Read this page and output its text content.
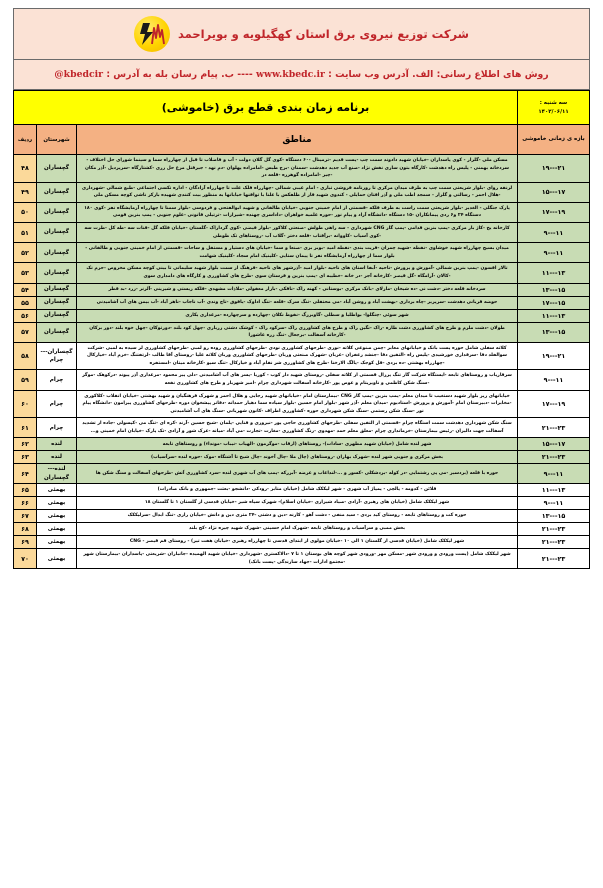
شرکت توزیع نیروی برق استان کهگیلویه و بویراحمد
روش های اطلاع رسانی: الف. آدرس وب سایت : www.kbedc.ir ---- ب. پیام رسان بله به آدرس : @kbedcir
سه شنبه :
۱۴۰۲/۰۶/۱۱	برنامه زمان بندی قطع برق (خاموشی)		
بازه ی زمانی خاموشی	مناطق	شهرستان	ردیف
۲۱---۱۹	مسکن ملی -گلزار - کوی پاسداران -خیابان شهید دادوند سمت چپ -پست قدیم -ترمینال -۶۰ دستگاه -کوی گل گلان دولت - آب و فاضلاب تا قبل از چهارراه سما و سینما شورای حل اختلاف - سردخانه بهمنی - پلیس راه دهدشت -کارگاه بتون سازی نقش نژاد -صنع آب جدید دهدشت -سمنان -برج طبس -امامزاده پهلوان -دم نهد - جیرفتل مرغ حل زری -کشتارگاه -سرپردیل -آذر مکان -چیر -امامزاده گوهرزه -قلعه دز	گچساران	۴۸
۱۷---۱۵	لرنقه روای -بلوار شریعتی سمت چپ به طرف میدان مرکزی تا روزنامه فروشی تباری - امام غیبی شمالی -چهارراه فلک علت تا چهارراه آزادگان - اداره تکسی اجتماعی -طبع شمالی -شهرداری -هلال احمر - رسالتی و گلزار - سمجد اطب ملی و آذر افتان حمایلی - کندوی شهید فاز از ظلفکس با علنا با توافنها خیابانها به منظور بیت کنندی شهیده بازکر ناشی کوچه مسکن ملی	گچساران	۴۹
۱۹---۱۷	پارک جنگلی - الغدیر -بلوار شریعتی سمت راست به طرف فلکه -قسمتی از امام خمینی جنوبی -خیابان طالقانی و شهید ابوالفتحی و فردوسی -بلوار سمنا تا چهارراه آزمایشگاه نفر -کوی ۱۸۰ دستگاه ۲۴ و۶ ردی پیمانکاران -۱۵ دستگاه -دانشگاه آزاد و پیام نور -حوزه علمیه خواهران -داداسری چهنده -شیرازات -ترتیلی قانونی -علوم جنوبی - پمپ بنزین قومی	گچساران	۵۰
۱۱---۹	کارخانه یخ -کاژ بار مرکزی -پمپ بنزین قدامی -پمپ گاز CNG شهرداری - سه راهی طولش -صنعتی کلاکور -بلوار فیضی -کوی گزداراک -گلستان -خیابان فلکه گل -قنات سه -طه کل -طرت سه -کوی آسیاب -کاووانه -برآفتاب -قلعه دختر -گلاب آب -روستاهای تک طوطی	گچساران	۵۱
۱۱---۹	میدان بسیج چهارراه شهید خوشاوی -نقطه -شهید چمران -فریت بندی -نقطه امید -بوبر بری -صنعا و سما -خیابان های دستیار و مستقل و ساحات -قسمتی از امام خمینی جنوبی و طالقانی - بلوار سما از چهارراه آزمایشگاه نفر تا پیمان ستایی -کلینیک امام سجاد -کلینیک شهامت	گچساران	۵۲
۱۳---۱۱	تالار افسون -پمپ بنزین شمالی -آموزش و پرورش -ناحیه -آبفا استان های ناحیه -بلوار امید -آذرشهر های ناحیه -فرهنگ از سمت بلوار شهید سلیمانی تا بینی کوچه مسکن مخروص -حرم تک -کالان -آرامگاه -گل قیصر -کارخانه آجر -در خانه -خطیبه ای -پمپ بنزین و فرستان سوی -طرح های کشاورزی و کارگاه های دامداری سوی	گچساران	۵۳
۱۵---۱۳	سردخانه قلعه دختر -دشت نی -ده شیخان -مازلای -بانک مرکزی -بوستانی - کهنه راک -نافکی -بازار معقولی -ملاذات مشهدی -فلکه زیستی و شیرینی -آلرنز -زرد -بد قطر	گچساران	۵۴
۱۵---۱۷	حوضه قربانی دهدشت -سرپریز -چاه برداری -بهشت آباد و روشن آباد -می محتقلی -تنگ سرک -قلعه -تنگ اداوک -یافوق -تاج وندی -آب ناجاب -ناهر آباد -آب بیمن های آب آشامیدنی	گچساران	۵۵
۱۳---۱۱	شهر سوئی -چنگلوا- بواطلبا و سطلی -گاوبرزگ -نقوط نکلان -چهارده و سرچهارده -مرغداری یکاری	گچساران	۵۶
۱۵---۱۳	طولان -دشت ملزم و طرح های کشاورزی دشت طاره -راک -نگین راک و طرح های کشاورزی راک -سرکود راک - کوشک دشتی زرباری -چهل کود بلند -دورتوکان -چهل خوه بلند -دور برکان -کارخانه آسفالت -برجعال -تنگ زره عاشورا	گچساران	۵۷
۲۱---۱۹	کلاته سفلی شامل حوزه پست بانک و خیابانهای معابر -چمن صنوعی کلاته -نوزی -طرحهای کشاورزی نودی -طرحهای کشاورزی روده رو لمبی -طرحهای کشاورزی لر سیده به لمبی -شرکت سوالفلد دفا -سرفداری خورشیدی -پلیس راه -التقین دفا -جنشد زعفران -عربان -شهرک صنعتی وربان -طرحهای کشاورزی وربان کلاته علیا -روستای آقا طالب -لرتفتنگ -خرم آباد -خیارکال -چهارراه بهشتی -ده بردی -قل کوجک -پالگ الارخنا -طرح های کشاورزی شر نقام آباد و خیارکال -تنگ سیو -کارخانه میتان -امستفره	گچساران---چرام	۵۸
۱۱---۹	سرفاریاب و روستاهای تابعه -ایستگاه شرکت گاز تنگ پرزال قسمتی از کلاته سفلی -روستای شهید دار کوب - کوریا -پسر های آب آشامیدنی -دلی پیر محمود -مرغداری آذر پیوند -درکوهک -موگر -سنگ شکن کاظمی و ناویریتام و عوض پور -کارخانه آسفالت شهرداری چرام -امیر شهربار و طرح های کشاورزی نقعه	چرام	۵۹
۱۹---۱۷	خیابانهای زیر بلوار شهید دستغیب تا میدان معلم -پمپ بنزین -پمپ گاز CNG -بیمارستان امام -خیابانهای شهید رجایی و هلال احمر و شهرک فرهنگیان و شهید بهشتی -خیابان انقلاب -کلاکوری -مخابرات -دبیرستان امام -آموزش و پرورش -استادیوم -میدان معلم -آذر شهر -بلوار امام حسین -بلوار سیاده سما دهیار حمدانه -دفاتر پیشخوان دوره -طرحهای کشاورزی پیرامون -دانشگاه پیام نور -سنگ شکن رستمی -سنگ شکن شهرداری حوزه -کشاورزی اطراف -کانون شهربانی -سنگ های آب آشامیدنی	چرام	۶۰
۲۳---۲۱	سنگ شکن شهرداری دهدشت سمت استگاه چرام -قسمتی از التقین سفلی -طرحهای کشاورزی حاجی پور -نیروزی و فنایی -پلمان -شیخ حسین -آرند -کره ای -تنگ می -کپسولی -جاده از تشدید آسفالت جهت دالیران -رئیس بیمارستان -خرمانداری چرام -معلق معلم حمد -مهدوی -زنگ کشاورزی -مغارت -تجارت -می آباد -میانه -عرک شور و آزادی -تک پارک -خیابان امام خمینی و...	چرام	۶۱
۱۷---۱۵	شهر لنده شامل (خیابان شهید مطهری -سادات)- روستاهای (ارقاب -موگرمون -الهیاب -نیباب -مونداء) و روستاهای تابعه	لنده	۶۲
۲۳---۲۱	بخش مرکزی و جنوبی شهر لنده -شهرک بهاران -روستاهای (چال ملا -چال آخوند -چال شیخ تا آشتگاه -موک -حوزه لنده -سرآسیاب)	لنده	۶۳
۱۱---۹	حوزه با قلعه (بردسیر -می پی رشتمایی -در کوله -بردشکلی -کسور و ...-لنداغاب و عرضه -آبزرکه -پمپ های آب شهری لنده -سرد کشاورزی آتش -طرحهای آسفالت و سنگ شکن ها	لنده---گچساران	۶۴
۱۳---۱۱	قلائن - کدومه - پالچی - پمپاژ آب شهری - شهر لیککک شامل (خیابان متابر -رودکی -دانشجو -بعثت -جمهوری و بانک صادرات)	بهمئی	۶۵
۱۱---۹	شهر لیککک شامل (خیابان های رهبری -آزادی -صیاد شیرازی -خیابان اسلام)- شهرک سیاه شیر -خیابان قدسی از گلستان ۱ تا گلستان ۱۸	بهمئی	۶۶
۱۵---۱۳	حوزه کت و روستاهای تابعه - روستای کید بردی - سید منفی - دشت آهو - کازنه -دین و دشتی -۲۴ متری دین و دانش -خیابان رازی -تنگ ابدال -سرلیککک	بهمئی	۶۷
۲۳---۲۱	بخش ممبی و سرآسیاب و روستاهای تابعه -شهرک امام حسینی -شهرک شهید چیره نژاد -کج بلند	بهمئی	۶۸
۲۳---۲۱	شهر لیککک شامل (خیابان قدسی از گلستان ۱ الی ۱۰ -خیابان مولوی از ابتدای قدسی تا چهارراه رهبری -خیابان هفت تیر) - روستای قم قیصر - CNG	بهمئی	۶۹
۲۳---۲۱	شهر لیککک شامل (پست ورودی و ورودی شهر -مسکن مهر -ورودی شهر کوچه های بوستان ۱ تا ۷ -دالاکستری -شهرداری -خیابان شهید الهمیده -جانباران -شریعتی -پاسداران -بیمارستان شهر -مجتمع ادارات -جهاد سازندگی -پست بانک)	بهمئی	۷۰
